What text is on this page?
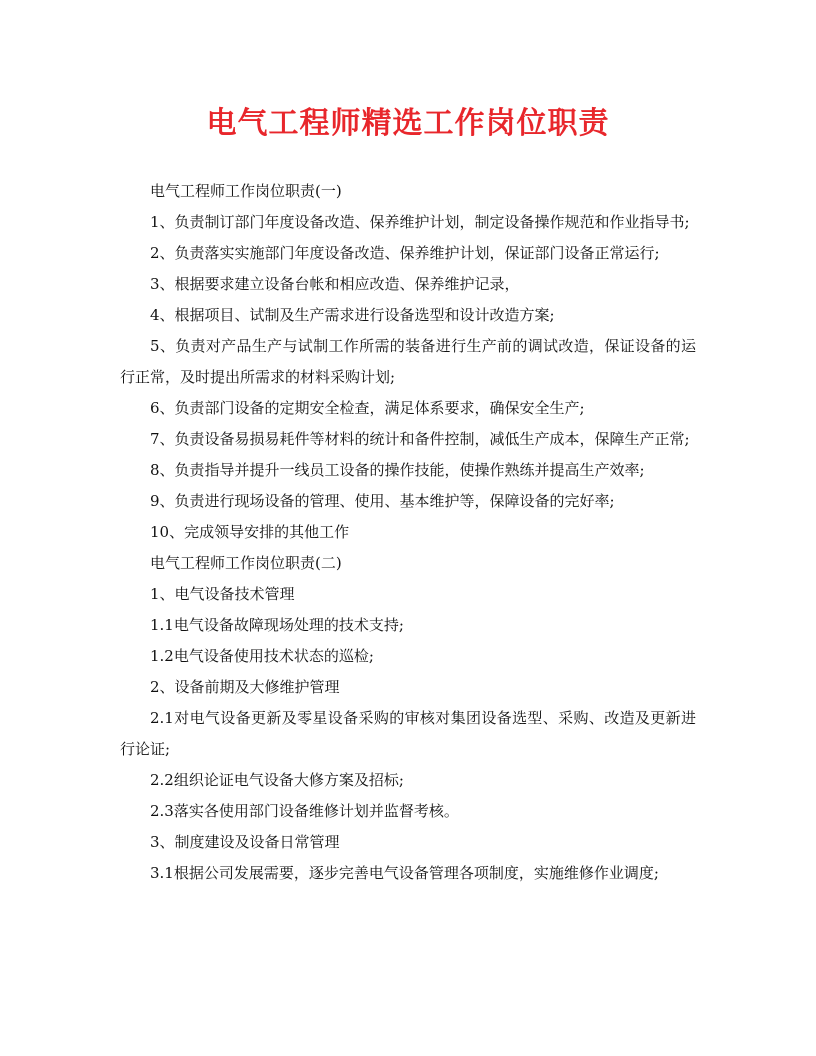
电气工程师精选工作岗位职责

电气工程师工作岗位职责(一)

1、负责制订部门年度设备改造、保养维护计划，制定设备操作规范和作业指导书;

2、负责落实实施部门年度设备改造、保养维护计划，保证部门设备正常运行;

3、根据要求建立设备台帐和相应改造、保养维护记录，

4、根据项目、试制及生产需求进行设备选型和设计改造方案;

5、负责对产品生产与试制工作所需的装备进行生产前的调试改造，保证设备的运行正常，及时提出所需求的材料采购计划;

6、负责部门设备的定期安全检查，满足体系要求，确保安全生产;

7、负责设备易损易耗件等材料的统计和备件控制，减低生产成本，保障生产正常;

8、负责指导并提升一线员工设备的操作技能，使操作熟练并提高生产效率;

9、负责进行现场设备的管理、使用、基本维护等，保障设备的完好率;

10、完成领导安排的其他工作

电气工程师工作岗位职责(二)

1、电气设备技术管理

1.1电气设备故障现场处理的技术支持;

1.2电气设备使用技术状态的巡检;

2、设备前期及大修维护管理

2.1对电气设备更新及零星设备采购的审核对集团设备选型、采购、改造及更新进行论证;

2.2组织论证电气设备大修方案及招标;

2.3落实各使用部门设备维修计划并监督考核。

3、制度建设及设备日常管理

3.1根据公司发展需要，逐步完善电气设备管理各项制度，实施维修作业调度;
